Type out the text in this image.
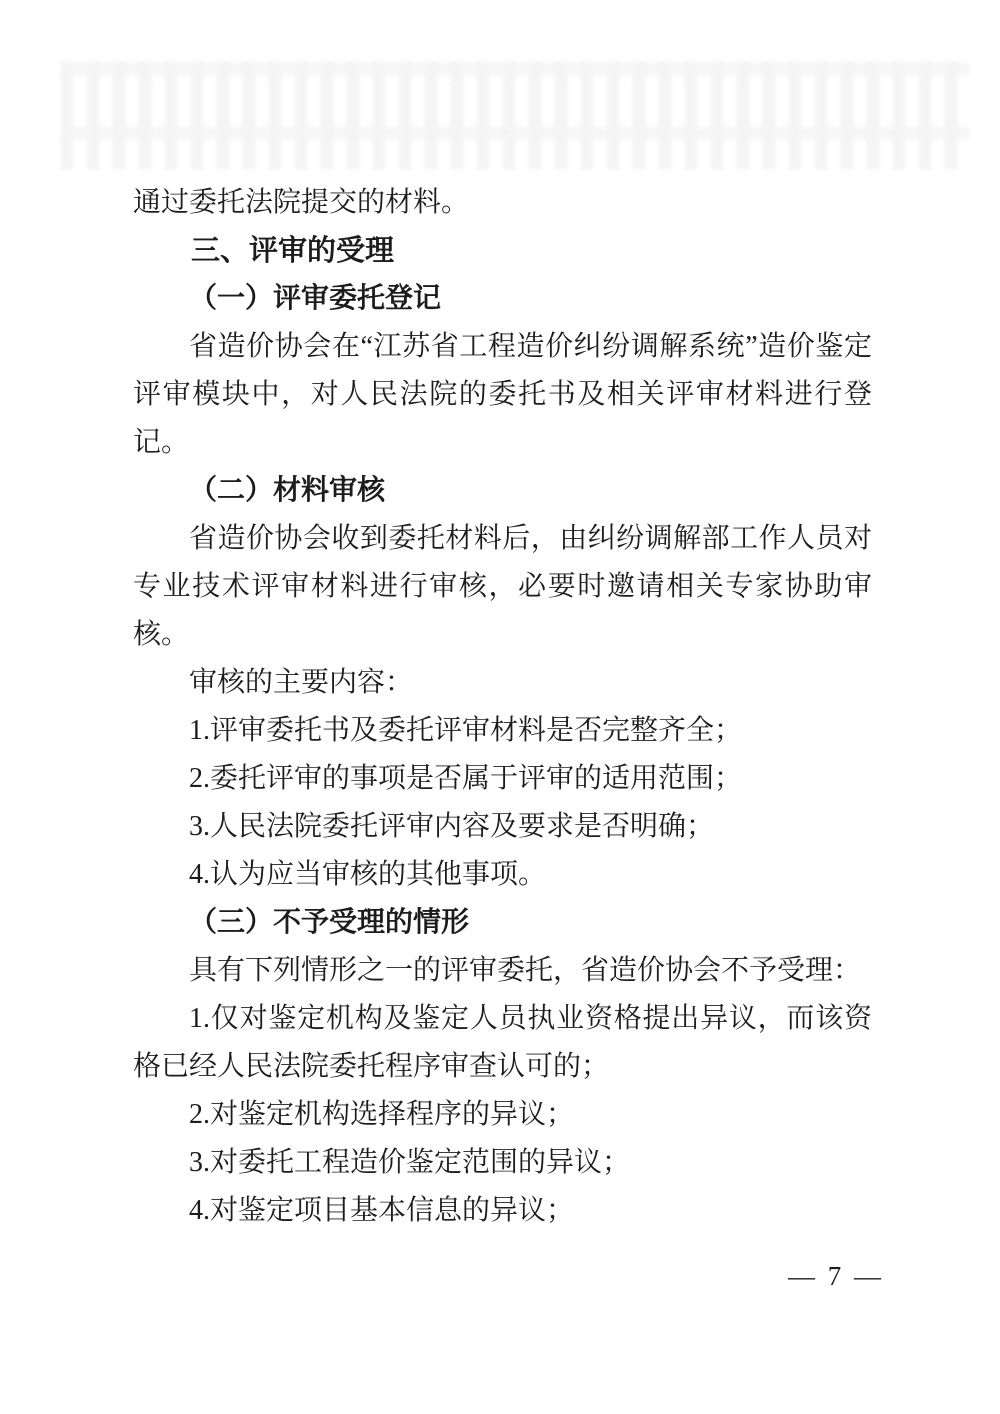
通过委托法院提交的材料。

三、评审的受理

（一）评审委托登记

省造价协会在“江苏省工程造价纠纷调解系统”造价鉴定评审模块中，对人民法院的委托书及相关评审材料进行登记。

（二）材料审核

省造价协会收到委托材料后，由纠纷调解部工作人员对专业技术评审材料进行审核，必要时邀请相关专家协助审核。

审核的主要内容：

1.评审委托书及委托评审材料是否完整齐全；

2.委托评审的事项是否属于评审的适用范围；

3.人民法院委托评审内容及要求是否明确；

4.认为应当审核的其他事项。

（三）不予受理的情形

具有下列情形之一的评审委托，省造价协会不予受理：

1.仅对鉴定机构及鉴定人员执业资格提出异议，而该资格已经人民法院委托程序审查认可的；

2.对鉴定机构选择程序的异议；

3.对委托工程造价鉴定范围的异议；

4.对鉴定项目基本信息的异议；

— 7 —
